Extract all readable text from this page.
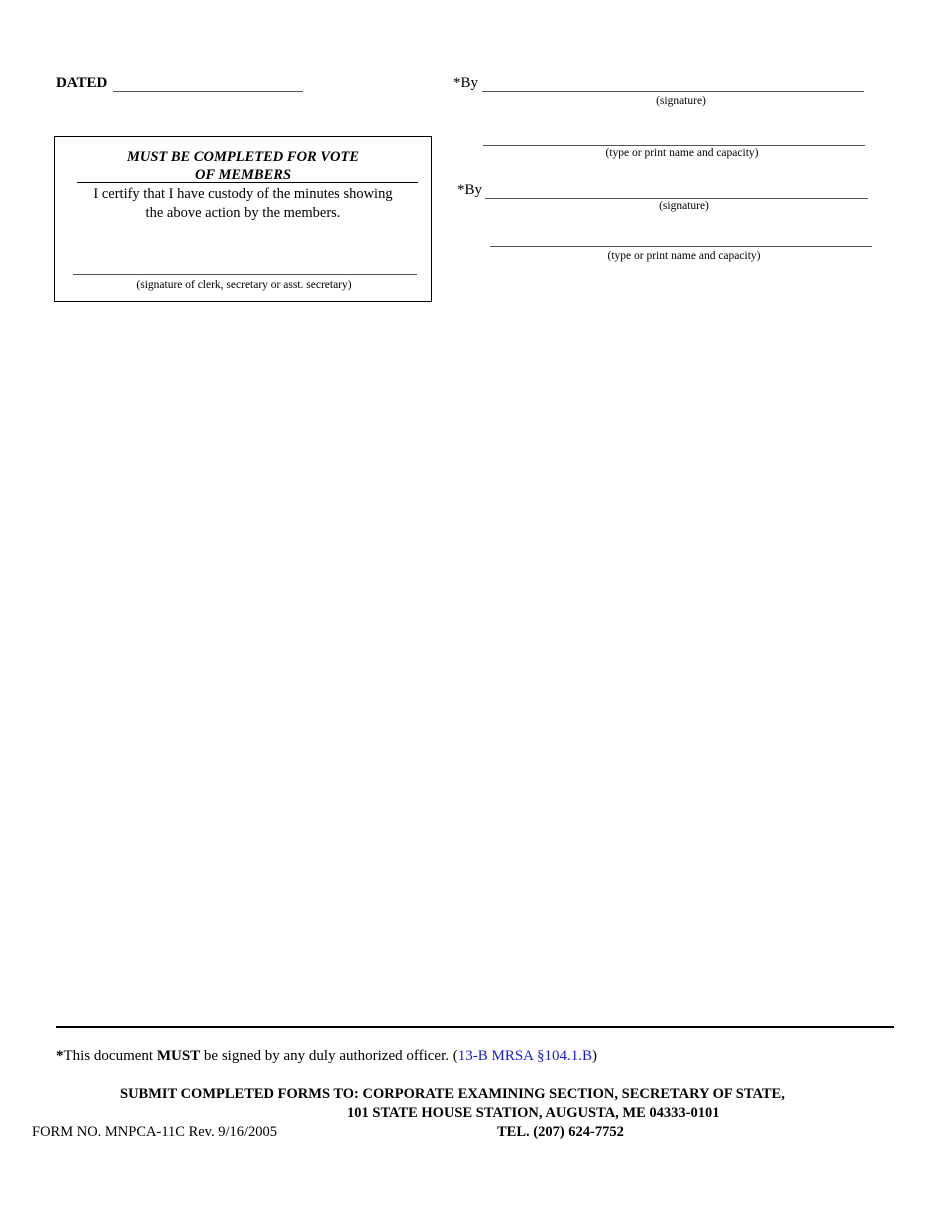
DATED	*By
(signature)
(type or print name and capacity)
*By
(signature)
(type or print name and capacity)
MUST BE COMPLETED FOR VOTE
OF MEMBERS
I certify that I have custody of the minutes showing
the above action by the members.
(signature of clerk, secretary or asst. secretary)
*This document MUST be signed by any duly authorized officer. (13-B MRSA §104.1.B)
SUBMIT COMPLETED FORMS TO: CORPORATE EXAMINING SECTION, SECRETARY OF STATE,
101 STATE HOUSE STATION, AUGUSTA, ME 04333-0101
FORM NO. MNPCA-11C Rev. 9/16/2005	TEL. (207) 624-7752
